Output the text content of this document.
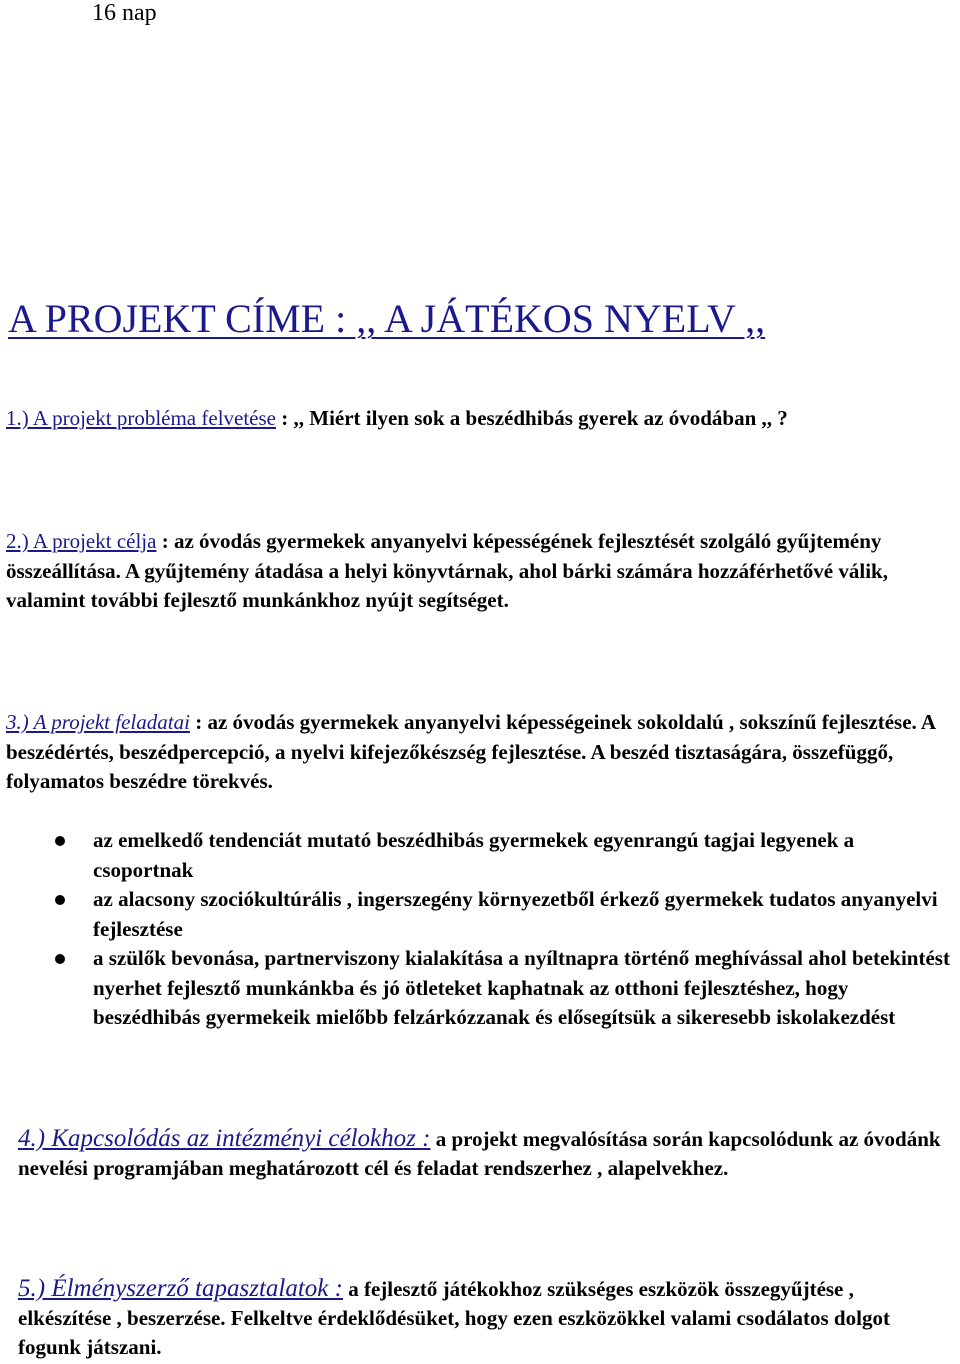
16 nap
A PROJEKT CÍME : ,, A JÁTÉKOS NYELV ,,
1.) A projekt probléma felvetése : ,, Miért ilyen sok a beszédhibás gyerek az óvodában ,, ?
2.) A projekt célja : az óvodás gyermekek anyanyelvi képességének fejlesztését szolgáló gyűjtemény összeállítása. A gyűjtemény átadása a helyi könyvtárnak, ahol bárki számára hozzáférhetővé válik, valamint további fejlesztő munkánkhoz nyújt segítséget.
3.) A projekt feladatai : az óvodás gyermekek anyanyelvi képességeinek sokoldalú , sokszínű fejlesztése. A beszédértés, beszédpercepció, a nyelvi kifejezőkészség fejlesztése. A beszéd tisztaságára, összefüggő, folyamatos beszédre törekvés.
az emelkedő tendenciát mutató beszédhibás gyermekek egyenrangú tagjai legyenek a csoportnak
az alacsony szociókultúrális , ingerszegény környezetből érkező gyermekek tudatos anyanyelvi fejlesztése
a szülők bevonása, partnerviszony kialakítása a nyíltnapra történő meghívással ahol betekintést nyerhet fejlesztő munkánkba és jó ötleteket kaphatnak az otthoni fejlesztéshez, hogy beszédhibás gyermekeik mielőbb felzárkózzanak és elősegítsük a sikeresebb iskolakezdést
4.) Kapcsolódás az intézményi célokhoz : a projekt megvalósítása során kapcsolódunk az óvodánk nevelési programjában meghatározott cél és feladat rendszerhez , alapelvekhez.
5.) Élményszerző tapasztalatok : a fejlesztő játékokhoz szükséges eszközök összegyűjtése , elkészítése , beszerzése. Felkeltve érdeklődésüket, hogy ezen eszközökkel valami csodálatos dolgot fogunk játszani.
